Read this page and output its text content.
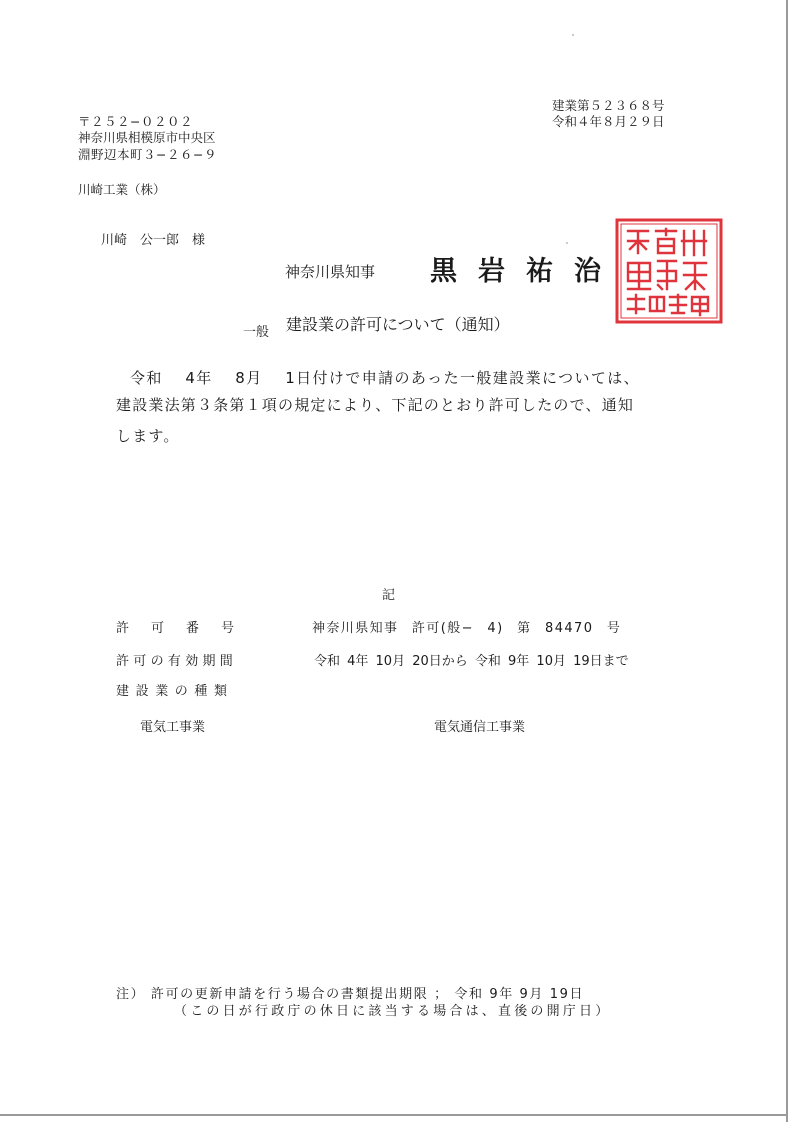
建業第５２３６８号
令和４年８月２９日
〒２５２−０２０２
神奈川県相模原市中央区
淵野辺本町３−２６−９
川崎工業（株）
川崎　公一郎　様
神奈川県知事 黒岩祐治
一般 建設業の許可について（通知）
令和　 4年　 8月　 1日付けで申請のあった一般建設業については、
建設業法第３条第１項の規定により、下記のとおり許可したので、通知
します。
記
許可番号	神奈川県知事 許可(般− 4) 第 84470 号
許可の有効期間	令和 4年 10月 20日から 令和 9年 10月 19日まで
建設業の種類
電気工事業	電気通信工事業
注） 許可の更新申請を行う場合の書類提出期限 ； 令和 9年 9月 19日
（この日が行政庁の休日に該当する場合は、直後の開庁日）
